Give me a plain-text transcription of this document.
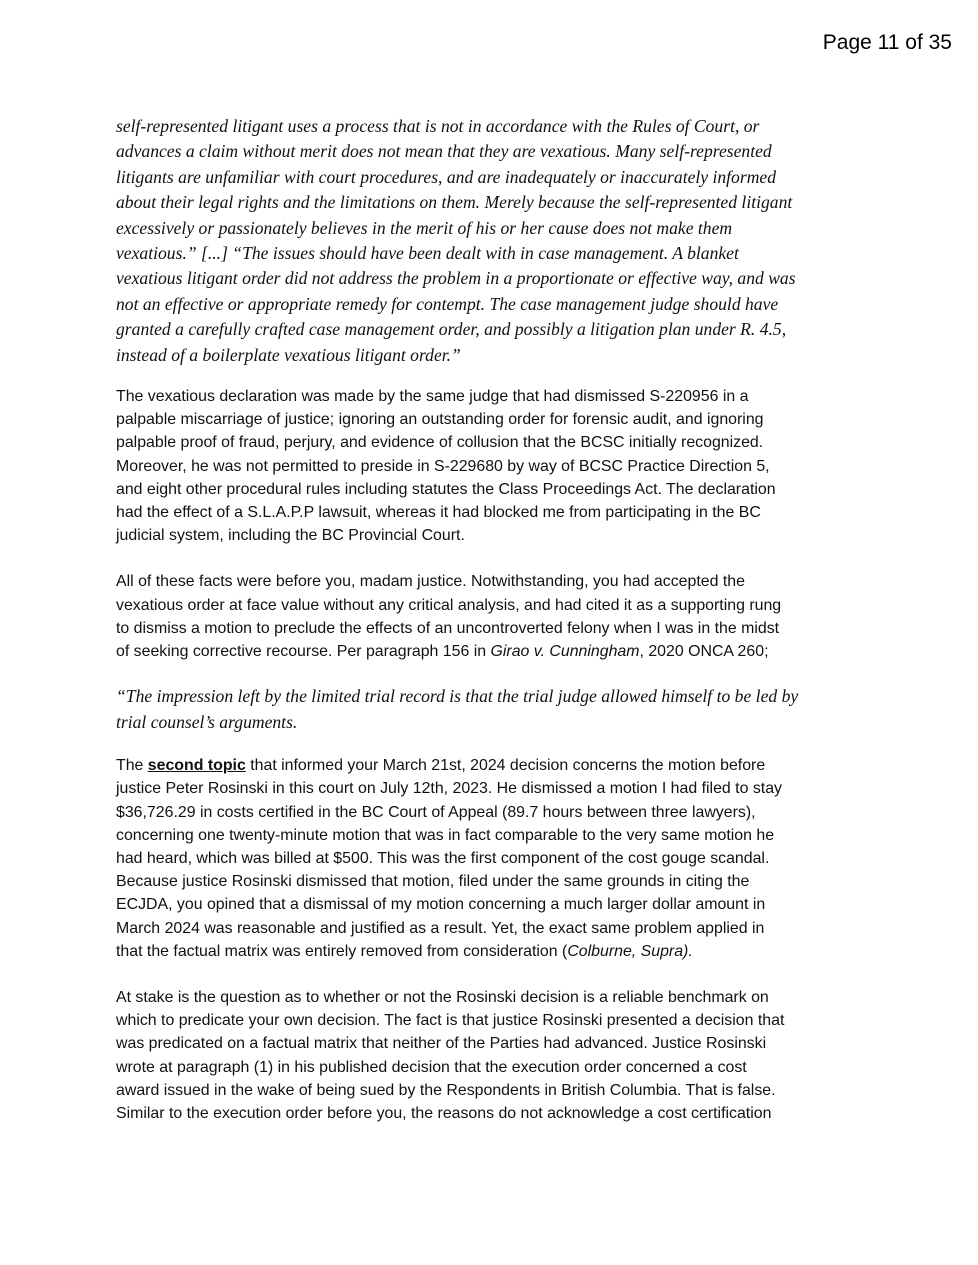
Page 11 of 35

self-represented litigant uses a process that is not in accordance with the Rules of Court, or
advances a claim without merit does not mean that they are vexatious. Many self-represented
litigants are unfamiliar with court procedures, and are inadequately or inaccurately informed
about their legal rights and the limitations on them. Merely because the self-represented litigant
excessively or passionately believes in the merit of his or her cause does not make them
vexatious.” [...] “The issues should have been dealt with in case management. A blanket
vexatious litigant order did not address the problem in a proportionate or effective way, and was
not an effective or appropriate remedy for contempt. The case management judge should have
granted a carefully crafted case management order, and possibly a litigation plan under R. 4.5,
instead of a boilerplate vexatious litigant order.”

The vexatious declaration was made by the same judge that had dismissed S-220956 in a
palpable miscarriage of justice; ignoring an outstanding order for forensic audit, and ignoring
palpable proof of fraud, perjury, and evidence of collusion that the BCSC initially recognized.
Moreover, he was not permitted to preside in S-229680 by way of BCSC Practice Direction 5,
and eight other procedural rules including statutes the Class Proceedings Act. The declaration
had the effect of a S.L.A.P.P lawsuit, whereas it had blocked me from participating in the BC
judicial system, including the BC Provincial Court.

All of these facts were before you, madam justice. Notwithstanding, you had accepted the
vexatious order at face value without any critical analysis, and had cited it as a supporting rung
to dismiss a motion to preclude the effects of an uncontroverted felony when I was in the midst
of seeking corrective recourse. Per paragraph 156 in Girao v. Cunningham, 2020 ONCA 260;

“The impression left by the limited trial record is that the trial judge allowed himself to be led by
trial counsel’s arguments.

The second topic that informed your March 21st, 2024 decision concerns the motion before
justice Peter Rosinski in this court on July 12th, 2023. He dismissed a motion I had filed to stay
$36,726.29 in costs certified in the BC Court of Appeal (89.7 hours between three lawyers),
concerning one twenty-minute motion that was in fact comparable to the very same motion he
had heard, which was billed at $500. This was the first component of the cost gouge scandal.
Because justice Rosinski dismissed that motion, filed under the same grounds in citing the
ECJDA, you opined that a dismissal of my motion concerning a much larger dollar amount in
March 2024 was reasonable and justified as a result. Yet, the exact same problem applied in
that the factual matrix was entirely removed from consideration (Colburne, Supra).

At stake is the question as to whether or not the Rosinski decision is a reliable benchmark on
which to predicate your own decision. The fact is that justice Rosinski presented a decision that
was predicated on a factual matrix that neither of the Parties had advanced. Justice Rosinski
wrote at paragraph (1) in his published decision that the execution order concerned a cost
award issued in the wake of being sued by the Respondents in British Columbia. That is false.
Similar to the execution order before you, the reasons do not acknowledge a cost certification
